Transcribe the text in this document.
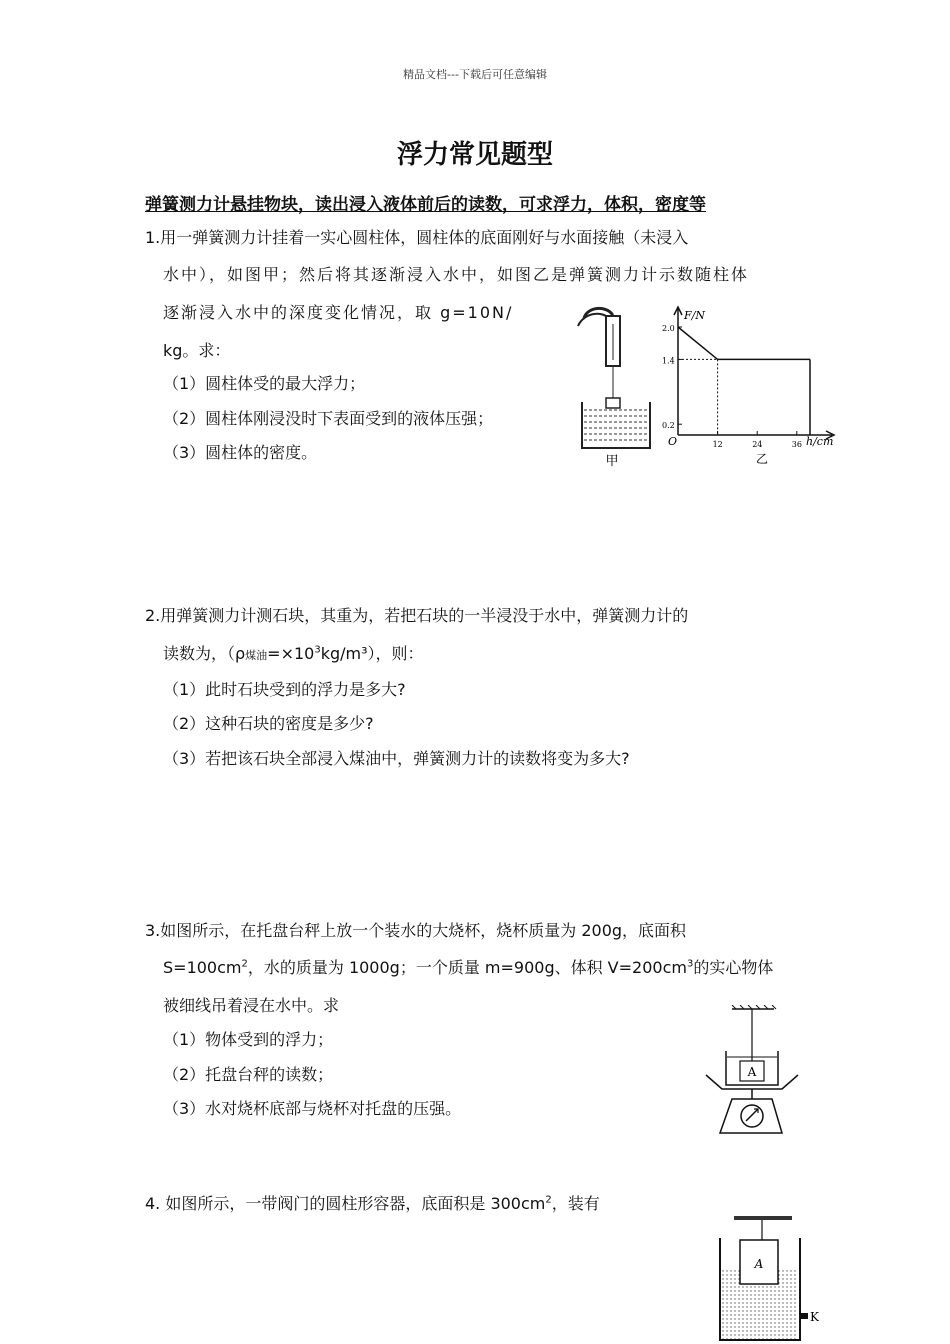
精品文档---下载后可任意编辑
浮力常见题型
弹簧测力计悬挂物块，读出浸入液体前后的读数，可求浮力，体积，密度等
1.用一弹簧测力计挂着一实心圆柱体，圆柱体的底面刚好与水面接触（未浸入
水中），如图甲；然后将其逐渐浸入水中，如图乙是弹簧测力计示数随柱体
逐渐浸入水中的深度变化情况，取 g=10N/
kg。求：
（1）圆柱体受的最大浮力；
（2）圆柱体刚浸没时下表面受到的液体压强；
（3）圆柱体的密度。	甲
2.0
1.4
0.2
12	24	36
F/N
h/cm
O
乙
2.用弹簧测力计测石块，其重为，若把石块的一半浸没于水中，弹簧测力计的
读数为，（ρ煤油$=\times 10^3kg/m^3$），则：
（1）此时石块受到的浮力是多大?
（2）这种石块的密度是多少?
（3）若把该石块全部浸入煤油中，弹簧测力计的读数将变为多大?
3.如图所示，在托盘台秤上放一个装水的大烧杯，烧杯质量为 200g，底面积
$S=100cm^2$，水的质量为 1000g；一个质量 m=900g、体积 $V=200cm^3$的实心物体
被细线吊着浸在水中。求
（1）物体受到的浮力；
（2）托盘台秤的读数；
（3）水对烧杯底部与烧杯对托盘的压强。
A
4. 如图所示，一带阀门的圆柱形容器，底面积是 $300cm^2$，装有
A
K
